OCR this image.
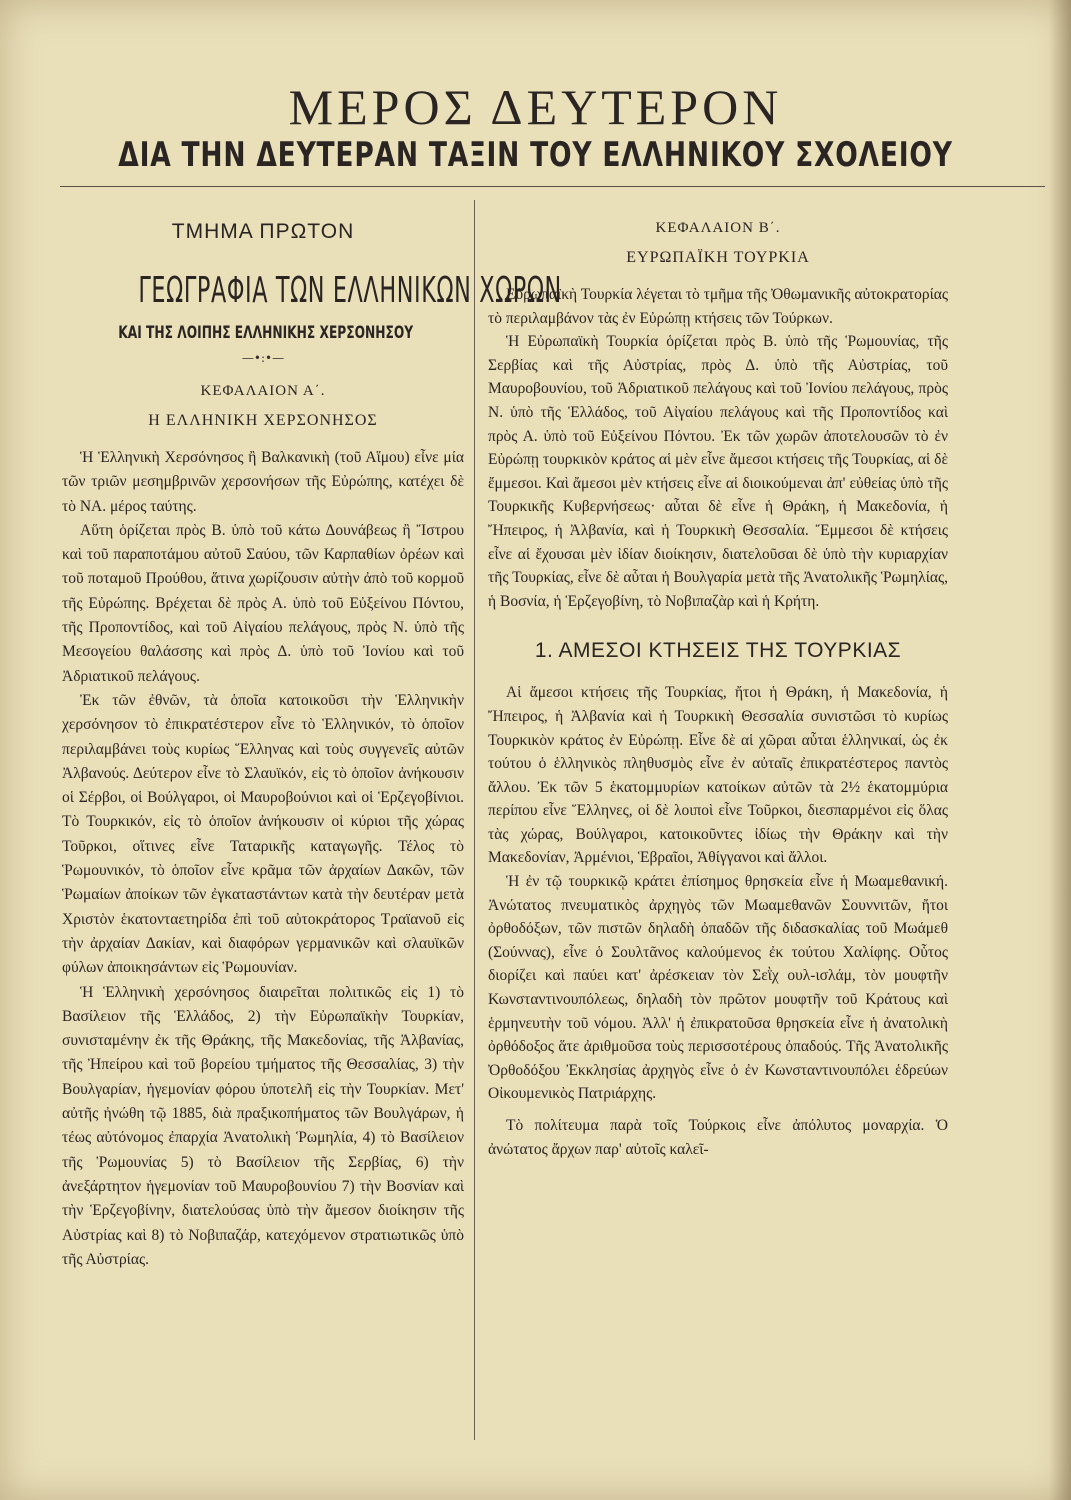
ΜΕΡΟΣ ΔΕΥΤΕΡΟΝ
ΔΙΑ ΤΗΝ ΔΕΥΤΕΡΑΝ ΤΑΞΙΝ ΤΟΥ ΕΛΛΗΝΙΚΟΥ ΣΧΟΛΕΙΟΥ
ΤΜΗΜΑ ΠΡΩΤΟΝ
ΓΕΩΓΡΑΦΙΑ ΤΩΝ ΕΛΛΗΝΙΚΩΝ ΧΩΡΩΝ
ΚΑΙ ΤΗΣ ΛΟΙΠΗΣ ΕΛΛΗΝΙΚΗΣ ΧΕΡΣΟΝΗΣΟΥ
—•:•—
ΚΕΦΑΛΑΙΟΝ Α΄.
Η ΕΛΛΗΝΙΚΗ ΧΕΡΣΟΝΗΣΟΣ

Ἡ Ἑλληνικὴ Χερσόνησος ἢ Βαλκανικὴ (τοῦ Αἵμου) εἶνε μία τῶν τριῶν μεσημβρινῶν χερσονήσων τῆς Εὐρώπης, κατέχει δὲ τὸ ΝΑ. μέρος ταύτης.

Αὕτη ὁρίζεται πρὸς Β. ὑπὸ τοῦ κάτω Δουνάβεως ἢ Ἴστρου καὶ τοῦ παραποτάμου αὐτοῦ Σαύου, τῶν Καρπαθίων ὀρέων καὶ τοῦ ποταμοῦ Προύθου, ἅτινα χωρίζουσιν αὐτὴν ἀπὸ τοῦ κορμοῦ τῆς Εὐρώπης. Βρέχεται δὲ πρὸς Α. ὑπὸ τοῦ Εὐξείνου Πόντου, τῆς Προποντίδος, καὶ τοῦ Αἰγαίου πελάγους, πρὸς Ν. ὑπὸ τῆς Μεσογείου θαλάσσης καὶ πρὸς Δ. ὑπὸ τοῦ Ἰονίου καὶ τοῦ Ἀδριατικοῦ πελάγους.

Ἐκ τῶν ἐθνῶν, τὰ ὁποῖα κατοικοῦσι τὴν Ἑλληνικὴν χερσόνησον τὸ ἐπικρατέστερον εἶνε τὸ Ἑλληνικόν, τὸ ὁποῖον περιλαμβάνει τοὺς κυρίως Ἕλληνας καὶ τοὺς συγγενεῖς αὐτῶν Ἀλβανούς. Δεύτερον εἶνε τὸ Σλαυϊκόν, εἰς τὸ ὁποῖον ἀνήκουσιν οἱ Σέρβοι, οἱ Βούλγαροι, οἱ Μαυροβούνιοι καὶ οἱ Ἑρζεγοβίνιοι. Τὸ Τουρκικόν, εἰς τὸ ὁποῖον ἀνήκουσιν οἱ κύριοι τῆς χώρας Τοῦρκοι, οἵτινες εἶνε Ταταρικῆς καταγωγῆς. Τέλος τὸ Ῥωμουνικόν, τὸ ὁποῖον εἶνε κρᾶμα τῶν ἀρχαίων Δακῶν, τῶν Ῥωμαίων ἀποίκων τῶν ἐγκαταστάντων κατὰ τὴν δευτέραν μετὰ Χριστὸν ἑκατονταετηρίδα ἐπὶ τοῦ αὐτοκράτορος Τραϊανοῦ εἰς τὴν ἀρχαίαν Δακίαν, καὶ διαφόρων γερμανικῶν καὶ σλαυϊκῶν φύλων ἀποικησάντων εἰς Ῥωμουνίαν.

Ἡ Ἑλληνικὴ χερσόνησος διαιρεῖται πολιτικῶς εἰς 1) τὸ Βασίλειον τῆς Ἑλλάδος, 2) τὴν Εὐρωπαϊκὴν Τουρκίαν, συνισταμένην ἐκ τῆς Θράκης, τῆς Μακεδονίας, τῆς Ἀλβανίας, τῆς Ἠπείρου καὶ τοῦ βορείου τμήματος τῆς Θεσσαλίας, 3) τὴν Βουλγαρίαν, ἡγεμονίαν φόρου ὑποτελῆ εἰς τὴν Τουρκίαν. Μετ' αὐτῆς ἠνώθη τῷ 1885, διὰ πραξικοπήματος τῶν Βουλγάρων, ἡ τέως αὐτόνομος ἐπαρχία Ἀνατολικὴ Ῥωμηλία, 4) τὸ Βασίλειον τῆς Ῥωμουνίας 5) τὸ Βασίλειον τῆς Σερβίας, 6) τὴν ἀνεξάρτητον ἡγεμονίαν τοῦ Μαυροβουνίου 7) τὴν Βοσνίαν καὶ τὴν Ἑρζεγοβίνην, διατελούσας ὑπὸ τὴν ἄμεσον διοίκησιν τῆς Αὐστρίας καὶ 8) τὸ Νοβιπαζάρ, κατεχόμενον στρατιωτικῶς ὑπὸ τῆς Αὐστρίας.

ΚΕΦΑΛΑΙΟΝ Β΄.
ΕΥΡΩΠΑΪΚΗ ΤΟΥΡΚΙΑ

Εὐρωπαϊκὴ Τουρκία λέγεται τὸ τμῆμα τῆς Ὀθωμανικῆς αὐτοκρατορίας τὸ περιλαμβάνον τὰς ἐν Εὐρώπῃ κτήσεις τῶν Τούρκων.

Ἡ Εὐρωπαϊκὴ Τουρκία ὁρίζεται πρὸς Β. ὑπὸ τῆς Ῥωμουνίας, τῆς Σερβίας καὶ τῆς Αὐστρίας, πρὸς Δ. ὑπὸ τῆς Αὐστρίας, τοῦ Μαυροβουνίου, τοῦ Ἀδριατικοῦ πελάγους καὶ τοῦ Ἰονίου πελάγους, πρὸς Ν. ὑπὸ τῆς Ἑλλάδος, τοῦ Αἰγαίου πελάγους καὶ τῆς Προποντίδος καὶ πρὸς Α. ὑπὸ τοῦ Εὐξείνου Πόντου. Ἐκ τῶν χωρῶν ἀποτελουσῶν τὸ ἐν Εὐρώπῃ τουρκικὸν κράτος αἱ μὲν εἶνε ἄμεσοι κτήσεις τῆς Τουρκίας, αἱ δὲ ἔμμεσοι. Καὶ ἄμεσοι μὲν κτήσεις εἶνε αἱ διοικούμεναι ἀπ' εὐθείας ὑπὸ τῆς Τουρκικῆς Κυβερνήσεως· αὗται δὲ εἶνε ἡ Θράκη, ἡ Μακεδονία, ἡ Ἤπειρος, ἡ Ἀλβανία, καὶ ἡ Τουρκικὴ Θεσσαλία. Ἔμμεσοι δὲ κτήσεις εἶνε αἱ ἔχουσαι μὲν ἰδίαν διοίκησιν, διατελοῦσαι δὲ ὑπὸ τὴν κυριαρχίαν τῆς Τουρκίας, εἶνε δὲ αὗται ἡ Βουλγαρία μετὰ τῆς Ἀνατολικῆς Ῥωμηλίας, ἡ Βοσνία, ἡ Ἑρζεγοβίνη, τὸ Νοβιπαζὰρ καὶ ἡ Κρήτη.

1. ΑΜΕΣΟΙ ΚΤΗΣΕΙΣ ΤΗΣ ΤΟΥΡΚΙΑΣ

Αἱ ἄμεσοι κτήσεις τῆς Τουρκίας, ἤτοι ἡ Θράκη, ἡ Μακεδονία, ἡ Ἤπειρος, ἡ Ἀλβανία καὶ ἡ Τουρκικὴ Θεσσαλία συνιστῶσι τὸ κυρίως Τουρκικὸν κράτος ἐν Εὐρώπῃ. Εἶνε δὲ αἱ χῶραι αὗται ἑλληνικαί, ὡς ἐκ τούτου ὁ ἑλληνικὸς πληθυσμὸς εἶνε ἐν αὐταῖς ἐπικρατέστερος παντὸς ἄλλου. Ἐκ τῶν 5 ἑκατομμυρίων κατοίκων αὐτῶν τὰ 2½ ἑκατομμύρια περίπου εἶνε Ἕλληνες, οἱ δὲ λοιποὶ εἶνε Τοῦρκοι, διεσπαρμένοι εἰς ὅλας τὰς χώρας, Βούλγαροι, κατοικοῦντες ἰδίως τὴν Θράκην καὶ τὴν Μακεδονίαν, Ἀρμένιοι, Ἑβραῖοι, Ἀθίγγανοι καὶ ἄλλοι.

Ἡ ἐν τῷ τουρκικῷ κράτει ἐπίσημος θρησκεία εἶνε ἡ Μωαμεθανική. Ἀνώτατος πνευματικὸς ἀρχηγὸς τῶν Μωαμεθανῶν Σουννιτῶν, ἤτοι ὀρθοδόξων, τῶν πιστῶν δηλαδὴ ὀπαδῶν τῆς διδασκαλίας τοῦ Μωάμεθ (Σούννας), εἶνε ὁ Σουλτᾶνος καλούμενος ἐκ τούτου Χαλίφης. Οὗτος διορίζει καὶ παύει κατ' ἀρέσκειαν τὸν Σεῒχ ουλ-ισλάμ, τὸν μουφτῆν Κωνσταντινουπόλεως, δηλαδὴ τὸν πρῶτον μουφτῆν τοῦ Κράτους καὶ ἑρμηνευτὴν τοῦ νόμου. Ἀλλ' ἡ ἐπικρατοῦσα θρησκεία εἶνε ἡ ἀνατολικὴ ὀρθόδοξος ἅτε ἀριθμοῦσα τοὺς περισσοτέρους ὀπαδούς. Τῆς Ἀνατολικῆς Ὀρθοδόξου Ἐκκλησίας ἀρχηγὸς εἶνε ὁ ἐν Κωνσταντινουπόλει ἑδρεύων Οἰκουμενικὸς Πατριάρχης.

Τὸ πολίτευμα παρὰ τοῖς Τούρκοις εἶνε ἀπόλυτος μοναρχία. Ὁ ἀνώτατος ἄρχων παρ' αὐτοῖς καλεῖ-
